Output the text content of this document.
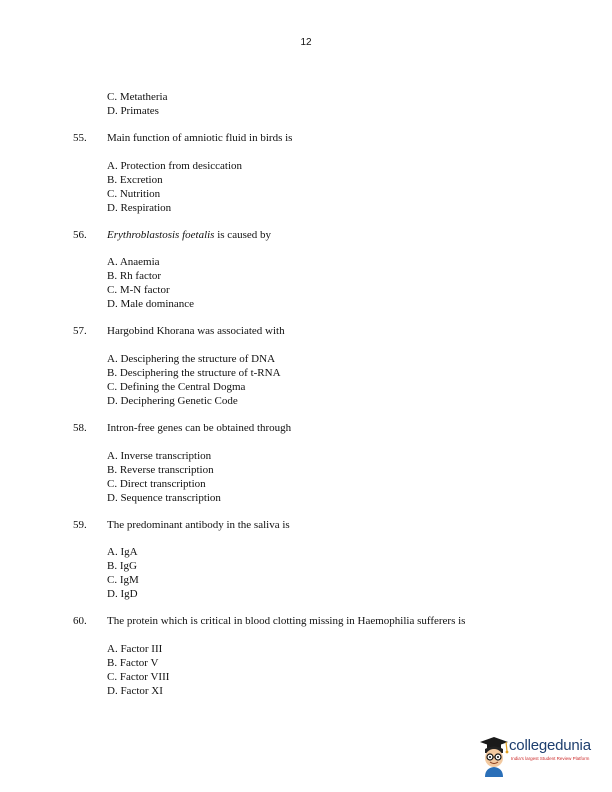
12
C. Metatheria
D. Primates
55. Main function of amniotic fluid in birds is
A. Protection from desiccation
B. Excretion
C. Nutrition
D. Respiration
56. Erythroblastosis foetalis is caused by
A. Anaemia
B. Rh factor
C. M-N factor
D. Male dominance
57. Hargobind Khorana was associated with
A. Desciphering the structure of DNA
B. Desciphering the structure of t-RNA
C. Defining the Central Dogma
D. Deciphering Genetic Code
58. Intron-free genes can be obtained through
A. Inverse transcription
B. Reverse transcription
C. Direct transcription
D. Sequence transcription
59. The predominant antibody in the saliva is
A. IgA
B. IgG
C. IgM
D. IgD
60. The protein which is critical in blood clotting missing in Haemophilia sufferers is
A. Factor III
B. Factor V
C. Factor VIII
D. Factor XI
collegedunia
India's largest Student Review Platform
